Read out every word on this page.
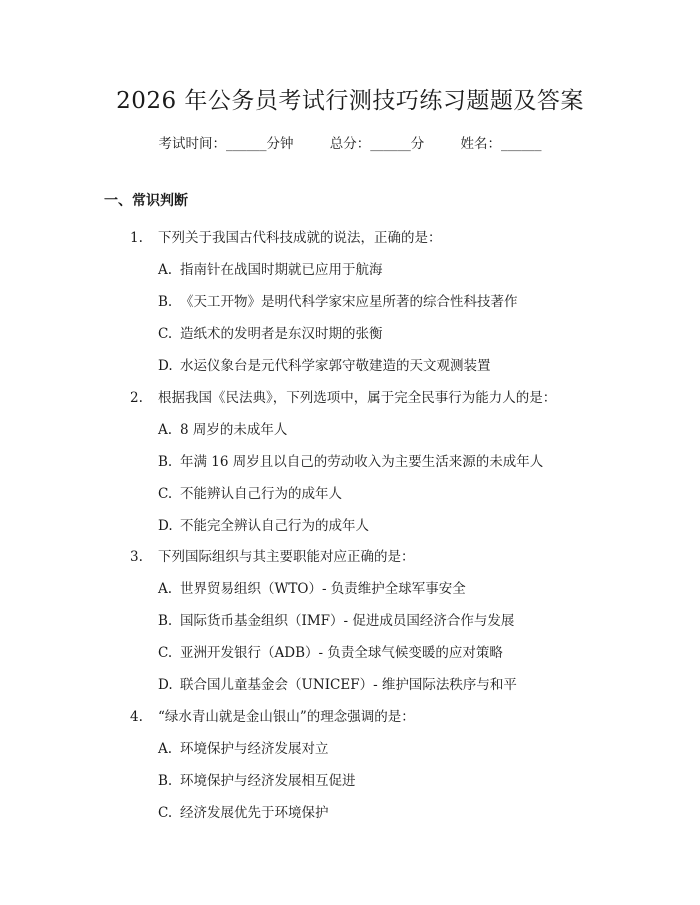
2026 年公务员考试行测技巧练习题题及答案
考试时间：______分钟	总分：______分	姓名：______
一、常识判断
1. 下列关于我国古代科技成就的说法，正确的是：
A. 指南针在战国时期就已应用于航海
B. 《天工开物》是明代科学家宋应星所著的综合性科技著作
C. 造纸术的发明者是东汉时期的张衡
D. 水运仪象台是元代科学家郭守敬建造的天文观测装置
2. 根据我国《民法典》，下列选项中，属于完全民事行为能力人的是：
A. 8 周岁的未成年人
B. 年满 16 周岁且以自己的劳动收入为主要生活来源的未成年人
C. 不能辨认自己行为的成年人
D. 不能完全辨认自己行为的成年人
3. 下列国际组织与其主要职能对应正确的是：
A. 世界贸易组织（WTO）- 负责维护全球军事安全
B. 国际货币基金组织（IMF）- 促进成员国经济合作与发展
C. 亚洲开发银行（ADB）- 负责全球气候变暖的应对策略
D. 联合国儿童基金会（UNICEF）- 维护国际法秩序与和平
4. “绿水青山就是金山银山”的理念强调的是：
A. 环境保护与经济发展对立
B. 环境保护与经济发展相互促进
C. 经济发展优先于环境保护
